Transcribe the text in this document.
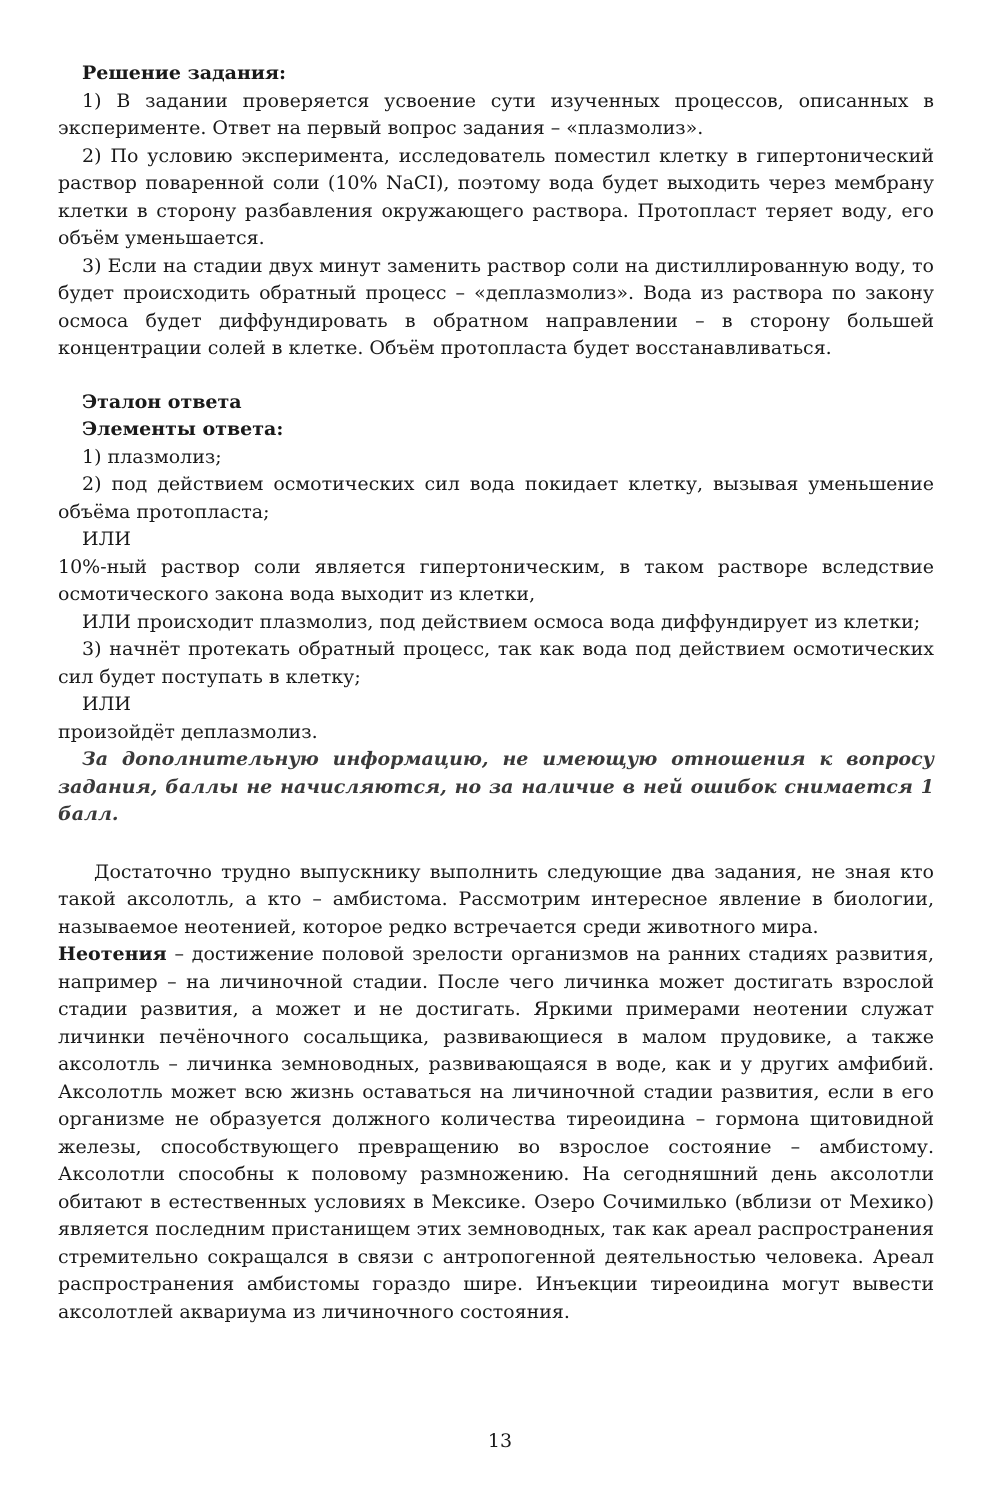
Решение задания:

1) В задании проверяется усвоение сути изученных процессов, описанных в эксперименте. Ответ на первый вопрос задания – «плазмолиз».

2) По условию эксперимента, исследователь поместил клетку в гипертонический раствор поваренной соли (10% NaCI), поэтому вода будет выходить через мембрану клетки в сторону разбавления окружающего раствора. Протопласт теряет воду, его объём уменьшается.

3) Если на стадии двух минут заменить раствор соли на дистиллированную воду, то будет происходить обратный процесс – «деплазмолиз». Вода из раствора по закону осмоса будет диффундировать в обратном направлении – в сторону большей концентрации солей в клетке. Объём протопласта будет восстанавливаться.

Эталон ответа

Элементы ответа:

1) плазмолиз;

2) под действием осмотических сил вода покидает клетку, вызывая уменьшение объёма протопласта;

ИЛИ

10%-ный раствор соли является гипертоническим, в таком растворе вследствие осмотического закона вода выходит из клетки,

ИЛИ происходит плазмолиз, под действием осмоса вода диффундирует из клетки;

3) начнёт протекать обратный процесс, так как вода под действием осмотических сил будет поступать в клетку;

ИЛИ

произойдёт деплазмолиз.

За дополнительную информацию, не имеющую отношения к вопросу задания, баллы не начисляются, но за наличие в ней ошибок снимается 1 балл.

Достаточно трудно выпускнику выполнить следующие два задания, не зная кто такой аксолотль, а кто – амбистома. Рассмотрим интересное явление в биологии, называемое неотенией, которое редко встречается среди животного мира.

Неотения – достижение половой зрелости организмов на ранних стадиях развития, например – на личиночной стадии. После чего личинка может достигать взрослой стадии развития, а может и не достигать. Яркими примерами неотении служат личинки печёночного сосальщика, развивающиеся в малом прудовике, а также аксолотль – личинка земноводных, развивающаяся в воде, как и у других амфибий. Аксолотль может всю жизнь оставаться на личиночной стадии развития, если в его организме не образуется должного количества тиреоидина – гормона щитовидной железы, способствующего превращению во взрослое состояние – амбистому. Аксолотли способны к половому размножению. На сегодняшний день аксолотли обитают в естественных условиях в Мексике. Озеро Сочимилько (вблизи от Мехико) является последним пристанищем этих земноводных, так как ареал распространения стремительно сокращался в связи с антропогенной деятельностью человека. Ареал распространения амбистомы гораздо шире. Инъекции тиреоидина могут вывести аксолотлей аквариума из личиночного состояния.

13
